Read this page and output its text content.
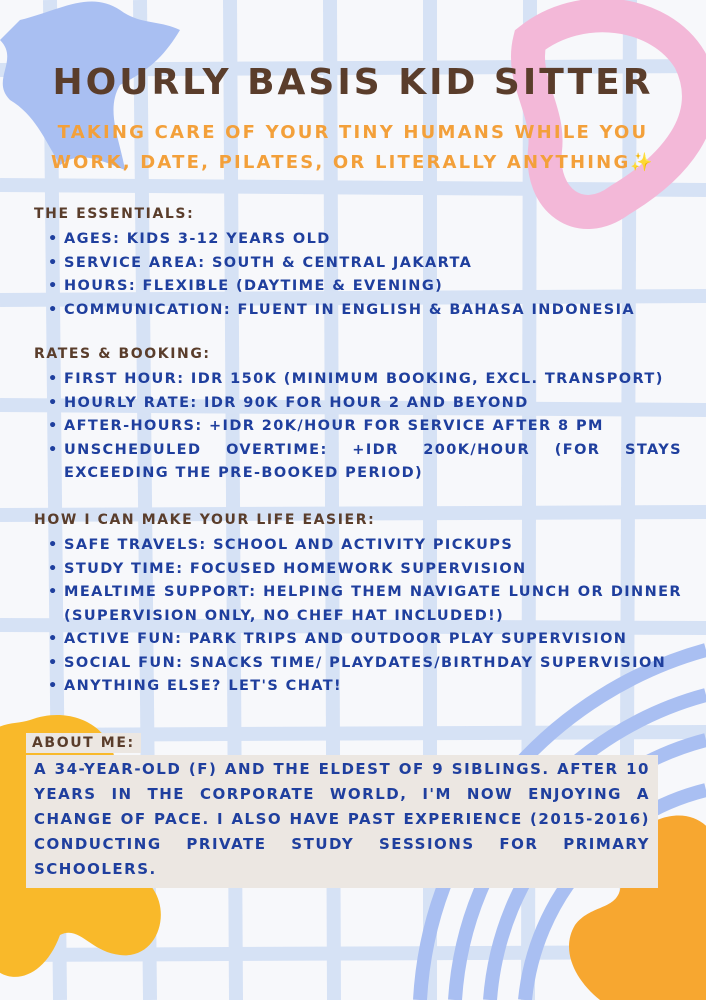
HOURLY BASIS KID SITTER
TAKING CARE OF YOUR TINY HUMANS WHILE YOU WORK, DATE, PILATES, OR LITERALLY ANYTHING✨
THE ESSENTIALS:
• AGES: KIDS 3-12 YEARS OLD
• SERVICE AREA: SOUTH & CENTRAL JAKARTA
• HOURS: FLEXIBLE (DAYTIME & EVENING)
• COMMUNICATION: FLUENT IN ENGLISH & BAHASA INDONESIA
RATES & BOOKING:
• FIRST HOUR: IDR 150K (MINIMUM BOOKING, EXCL. TRANSPORT)
• HOURLY RATE: IDR 90K FOR HOUR 2 AND BEYOND
• AFTER-HOURS: +IDR 20K/HOUR FOR SERVICE AFTER 8 PM
• UNSCHEDULED OVERTIME: +IDR 200K/HOUR (FOR STAYS EXCEEDING THE PRE-BOOKED PERIOD)
HOW I CAN MAKE YOUR LIFE EASIER:
• SAFE TRAVELS: SCHOOL AND ACTIVITY PICKUPS
• STUDY TIME: FOCUSED HOMEWORK SUPERVISION
• MEALTIME SUPPORT: HELPING THEM NAVIGATE LUNCH OR DINNER (SUPERVISION ONLY, NO CHEF HAT INCLUDED!)
• ACTIVE FUN: PARK TRIPS AND OUTDOOR PLAY SUPERVISION
• SOCIAL FUN: SNACKS TIME/ PLAYDATES/BIRTHDAY SUPERVISION
• ANYTHING ELSE? LET'S CHAT!
ABOUT ME:
A 34-YEAR-OLD (F) AND THE ELDEST OF 9 SIBLINGS. AFTER 10 YEARS IN THE CORPORATE WORLD, I'M NOW ENJOYING A CHANGE OF PACE. I ALSO HAVE PAST EXPERIENCE (2015-2016) CONDUCTING PRIVATE STUDY SESSIONS FOR PRIMARY SCHOOLERS.
